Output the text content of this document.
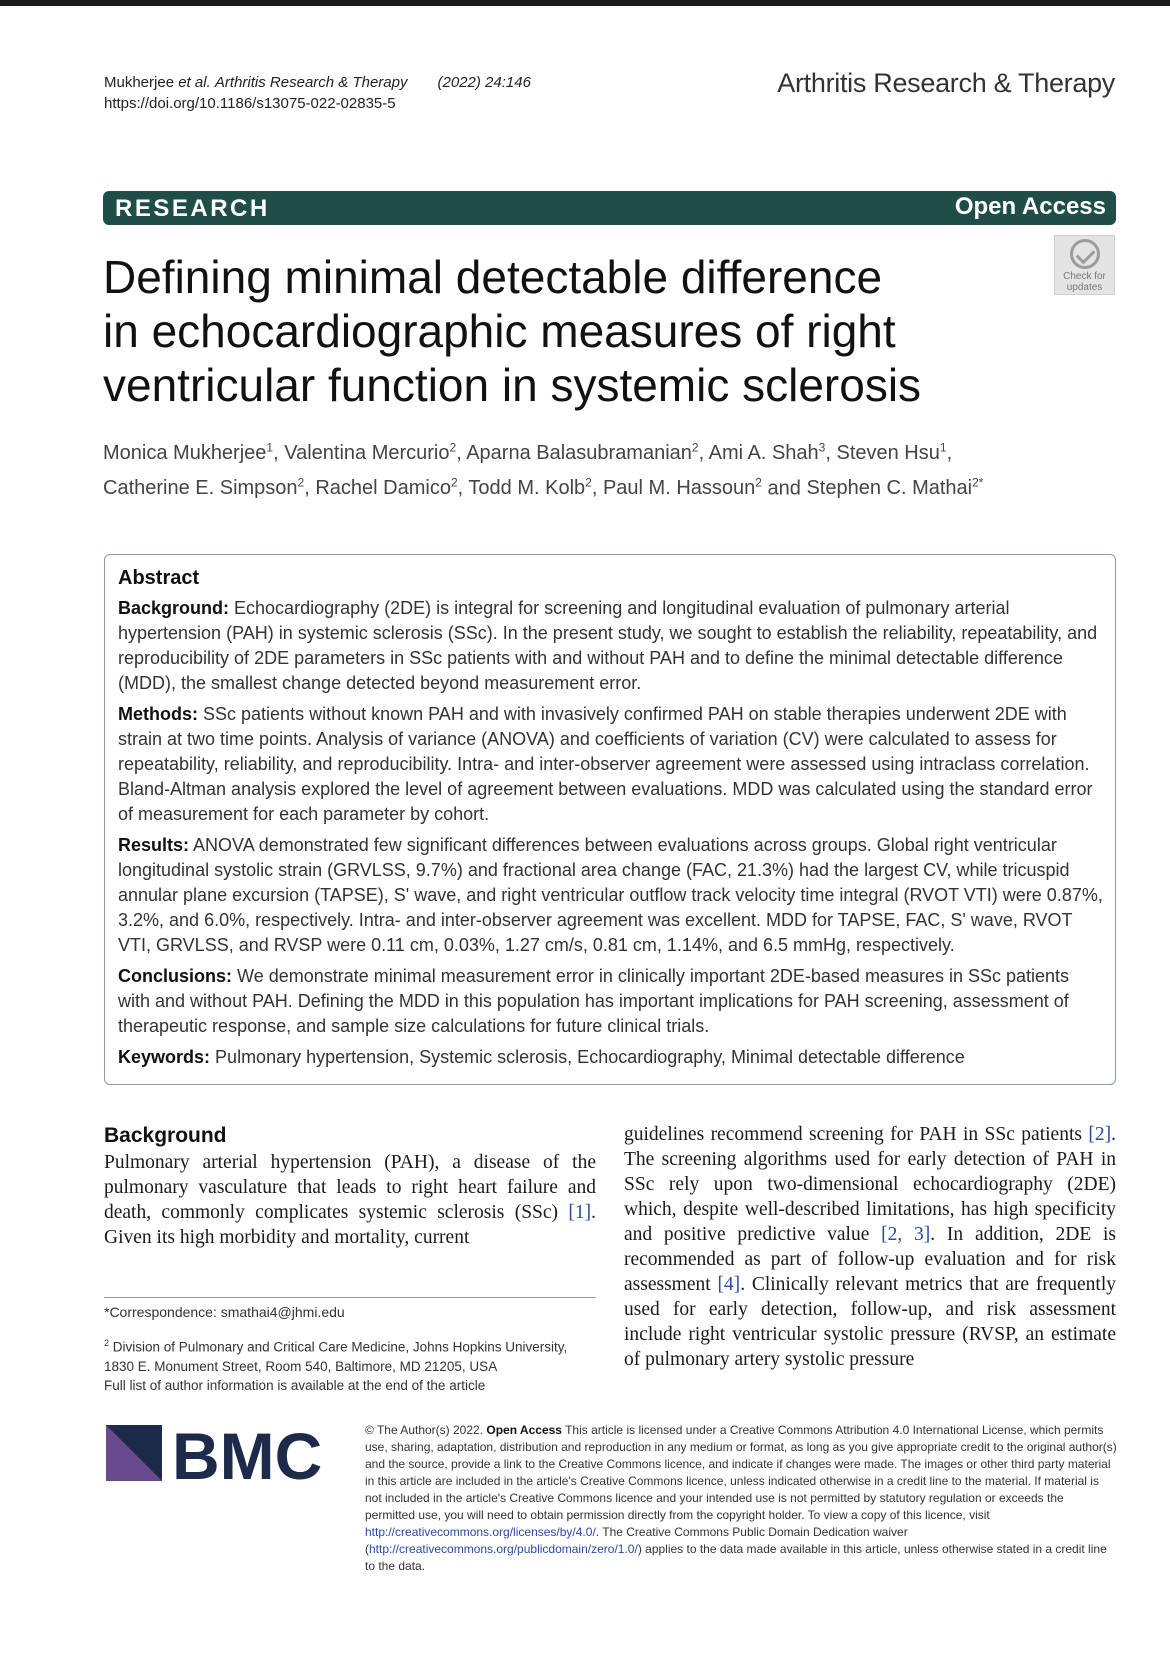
Mukherjee et al. Arthritis Research & Therapy (2022) 24:146
https://doi.org/10.1186/s13075-022-02835-5
Arthritis Research & Therapy
RESEARCH	Open Access
Check for
updates
Defining minimal detectable difference
in echocardiographic measures of right
ventricular function in systemic sclerosis
Monica Mukherjee$^1$, Valentina Mercurio$^2$, Aparna Balasubramanian$^2$, Ami A. Shah$^3$, Steven Hsu$^1$,
Catherine E. Simpson$^2$, Rachel Damico$^2$, Todd M. Kolb$^2$, Paul M. Hassoun$^2$ and Stephen C. Mathai$^{2*}$
Abstract

Background: Echocardiography (2DE) is integral for screening and longitudinal evaluation of pulmonary arterial hypertension (PAH) in systemic sclerosis (SSc). In the present study, we sought to establish the reliability, repeatability, and reproducibility of 2DE parameters in SSc patients with and without PAH and to define the minimal detectable difference (MDD), the smallest change detected beyond measurement error.

Methods: SSc patients without known PAH and with invasively confirmed PAH on stable therapies underwent 2DE with strain at two time points. Analysis of variance (ANOVA) and coefficients of variation (CV) were calculated to assess for repeatability, reliability, and reproducibility. Intra- and inter-observer agreement were assessed using intraclass correlation. Bland-Altman analysis explored the level of agreement between evaluations. MDD was calculated using the standard error of measurement for each parameter by cohort.

Results: ANOVA demonstrated few significant differences between evaluations across groups. Global right ventricular longitudinal systolic strain (GRVLSS, 9.7%) and fractional area change (FAC, 21.3%) had the largest CV, while tricuspid annular plane excursion (TAPSE), S' wave, and right ventricular outflow track velocity time integral (RVOT VTI) were 0.87%, 3.2%, and 6.0%, respectively. Intra- and inter-observer agreement was excellent. MDD for TAPSE, FAC, S' wave, RVOT VTI, GRVLSS, and RVSP were 0.11 cm, 0.03%, 1.27 cm/s, 0.81 cm, 1.14%, and 6.5 mmHg, respectively.

Conclusions: We demonstrate minimal measurement error in clinically important 2DE-based measures in SSc patients with and without PAH. Defining the MDD in this population has important implications for PAH screening, assessment of therapeutic response, and sample size calculations for future clinical trials.

Keywords: Pulmonary hypertension, Systemic sclerosis, Echocardiography, Minimal detectable difference

Background

Pulmonary arterial hypertension (PAH), a disease of the pulmonary vasculature that leads to right heart failure and death, commonly complicates systemic sclerosis (SSc) [1]. Given its high morbidity and mortality, current

guidelines recommend screening for PAH in SSc patients [2]. The screening algorithms used for early detection of PAH in SSc rely upon two-dimensional echocardiography (2DE) which, despite well-described limitations, has high specificity and positive predictive value [2, 3]. In addition, 2DE is recommended as part of follow-up evaluation and for risk assessment [4]. Clinically relevant metrics that are frequently used for early detection, follow-up, and risk assessment include right ventricular systolic pressure (RVSP, an estimate of pulmonary artery systolic pressure

*Correspondence: smathai4@jhmi.edu

$^2$ Division of Pulmonary and Critical Care Medicine, Johns Hopkins University,
1830 E. Monument Street, Room 540, Baltimore, MD 21205, USA
Full list of author information is available at the end of the article

BMC	© The Author(s) 2022. Open Access This article is licensed under a Creative Commons Attribution 4.0 International License, which permits use, sharing, adaptation, distribution and reproduction in any medium or format, as long as you give appropriate credit to the original author(s) and the source, provide a link to the Creative Commons licence, and indicate if changes were made. The images or other third party material in this article are included in the article's Creative Commons licence, unless indicated otherwise in a credit line to the material. If material is not included in the article's Creative Commons licence and your intended use is not permitted by statutory regulation or exceeds the permitted use, you will need to obtain permission directly from the copyright holder. To view a copy of this licence, visit http://creativecommons.org/licenses/by/4.0/. The Creative Commons Public Domain Dedication waiver (http://creativecommons.org/publicdomain/zero/1.0/) applies to the data made available in this article, unless otherwise stated in a credit line to the data.
